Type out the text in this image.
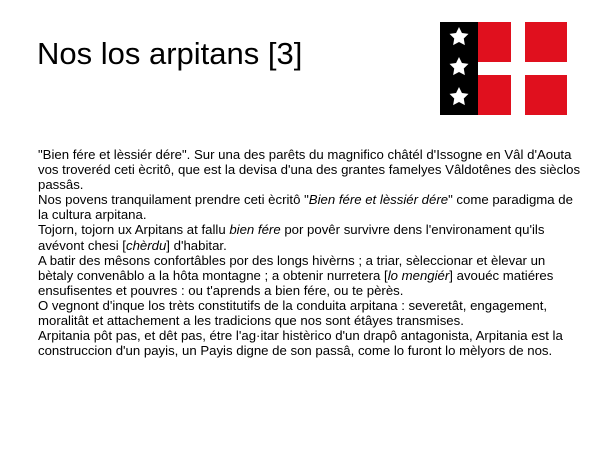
Nos los arpitans [3]

"Bien fére et lèssiér dére". Sur una des parêts du magnifico châtél d'Issogne en Vâl d'Aouta vos troveréd ceti ècritô, que est la devisa d'una des grantes famelyes Vâldotênes des sièclos passâs.

Nos povens tranquilament prendre ceti ècritô "Bien fére et lèssiér dére" come paradigma de la cultura arpitana.

Tojorn, tojorn ux Arpitans at fallu bien fére por povêr survivre dens l'environament qu'ils avévont chesi [chèrdu] d'habitar.

A batir des mêsons confortâbles por des longs hivèrns ; a triar, sèleccionar et èlevar un bètaly convenâblo a la hôta montagne ; a obtenir nurretera [lo mengiér] avouéc matiéres ensufisentes et pouvres : ou t'aprends a bien fére, ou te pèrès.

O vegnont d'inque los trèts constitutifs de la conduita arpitana : severetât, engagement, moralitât et attachement a les tradicions que nos sont étâyes transmises.

Arpitania pôt pas, et dêt pas, étre l'ag·itar histèrico d'un drapô antagonista, Arpitania est la construccion d'un payis, un Payis digne de son passâ, come lo furont lo mèlyors de nos.
